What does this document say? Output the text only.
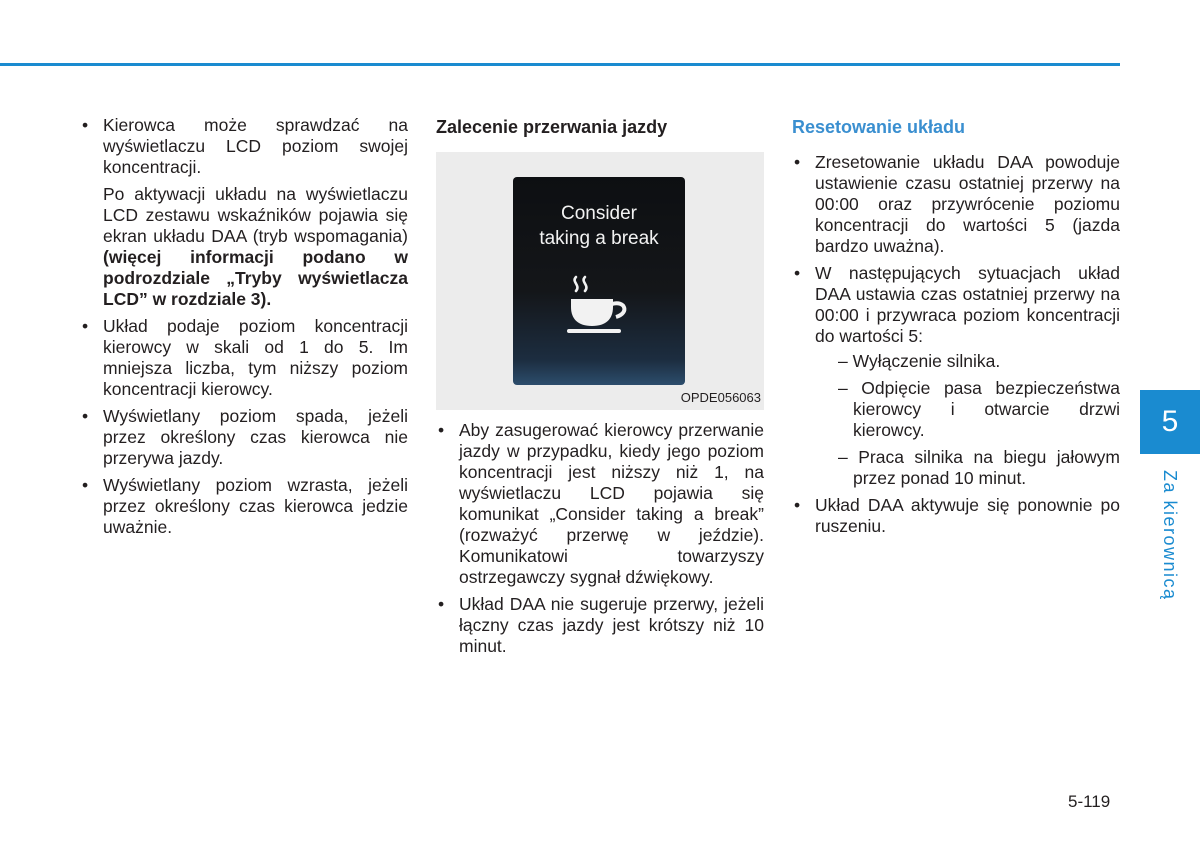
• Kierowca może sprawdzać na wyświetlaczu LCD poziom swojej koncentracji.

Po aktywacji układu na wyświetlaczu LCD zestawu wskaźników pojawia się ekran układu DAA (tryb wspomagania) (więcej informacji podano w podrozdziale „Tryby wyświetlacza LCD” w rozdziale 3).

• Układ podaje poziom koncentracji kierowcy w skali od 1 do 5. Im mniejsza liczba, tym niższy poziom koncentracji kierowcy.
• Wyświetlany poziom spada, jeżeli przez określony czas kierowca nie przerywa jazdy.
• Wyświetlany poziom wzrasta, jeżeli przez określony czas kierowca jedzie uważnie.

Zalecenie przerwania jazdy

Consider
taking a break
OPDE056063
• Aby zasugerować kierowcy przerwanie jazdy w przypadku, kiedy jego poziom koncentracji jest niższy niż 1, na wyświetlaczu LCD pojawia się komunikat „Consider taking a break” (rozważyć przerwę w jeździe). Komunikatowi towarzyszy ostrzegawczy sygnał dźwiękowy.
• Układ DAA nie sugeruje przerwy, jeżeli łączny czas jazdy jest krótszy niż 10 minut.

Resetowanie układu

• Zresetowanie układu DAA powoduje ustawienie czasu ostatniej przerwy na 00:00 oraz przywrócenie poziomu koncentracji do wartości 5 (jazda bardzo uważna).
• W następujących sytuacjach układ DAA ustawia czas ostatniej przerwy na 00:00 i przywraca poziom koncentracji do wartości 5:
– Wyłączenie silnika.
– Odpięcie pasa bezpieczeństwa kierowcy i otwarcie drzwi kierowcy.
– Praca silnika na biegu jałowym przez ponad 10 minut.
• Układ DAA aktywuje się ponownie po ruszeniu.
5
Za kierownicą
5-119
